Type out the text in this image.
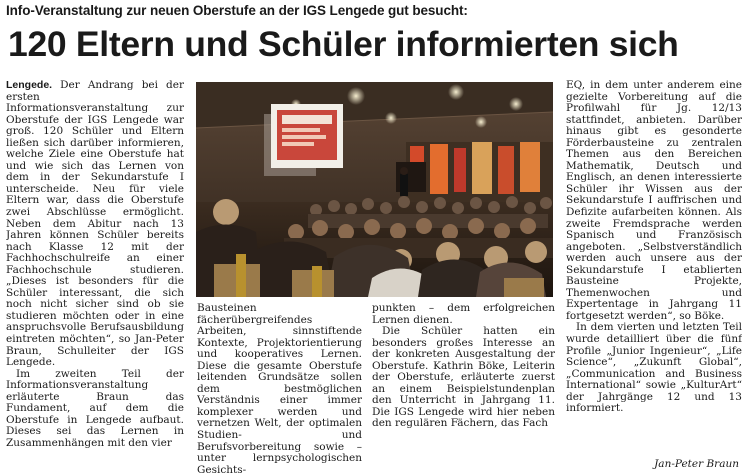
Info-Veranstaltung zur neuen Oberstufe an der IGS Lengede gut besucht:
120 Eltern und Schüler informierten sich

Lengede. Der Andrang bei der ersten Informationsveranstaltung zur Oberstufe der IGS Lengede war groß. 120 Schüler und Eltern ließen sich darüber informieren, welche Ziele eine Oberstufe hat und wie sich das Lernen von dem in der Sekundarstufe I unterscheide. Neu für viele Eltern war, dass die Oberstufe zwei Abschlüsse ermöglicht. Neben dem Abitur nach 13 Jahren können Schüler bereits nach Klasse 12 mit der Fachhochschulreife an einer Fachhochschule studieren. „Dieses ist besonders für die Schüler interessant, die sich noch nicht sicher sind ob sie studieren möchten oder in eine anspruchsvolle Berufsausbildung eintreten möchten“, so Jan-Peter Braun, Schulleiter der IGS Lengede.

Im zweiten Teil der Informationsveranstaltung erläuterte Braun das Fundament, auf dem die Oberstufe in Lengede aufbaut. Dieses sei das Lernen in Zusammenhängen mit den vier

Bausteinen fächerübergreifendes Arbeiten, sinnstiftende Kontexte, Projektorientierung und kooperatives Lernen. Diese die gesamte Oberstufe leitenden Grundsätze sollen dem bestmöglichen Verständnis einer immer komplexer werden und vernetzen Welt, der optimalen Studien- und Berufsvorbereitung sowie – unter lernpsychologischen Gesichts-

punkten – dem erfolgreichen Lernen dienen.

Die Schüler hatten ein besonders großes Interesse an der konkreten Ausgestaltung der Oberstufe. Kathrin Böke, Leiterin der Oberstufe, erläuterte zuerst an einem Beispielstundenplan den Unterricht in Jahrgang 11. Die IGS Lengede wird hier neben den regulären Fächern, das Fach

EQ, in dem unter anderem eine gezielte Vorbereitung auf die Profilwahl für Jg. 12/13 stattfindet, anbieten. Darüber hinaus gibt es gesonderte Förderbausteine zu zentralen Themen aus den Bereichen Mathematik, Deutsch und Englisch, an denen interessierte Schüler ihr Wissen aus der Sekundarstufe I auffrischen und Defizite aufarbeiten können. Als zweite Fremdsprache werden Spanisch und Französisch angeboten. „Selbstverständlich werden auch unsere aus der Sekundarstufe I etablierten Bausteine Projekte, Themenwochen und Expertentage in Jahrgang 11 fortgesetzt werden“, so Böke.

In dem vierten und letzten Teil wurde detailliert über die fünf Profile „Junior Ingenieur“, „Life Science“, „Zukunft Global“, „Communication and Business International“ sowie „KulturArt“ der Jahrgänge 12 und 13 informiert.

Jan-Peter Braun
